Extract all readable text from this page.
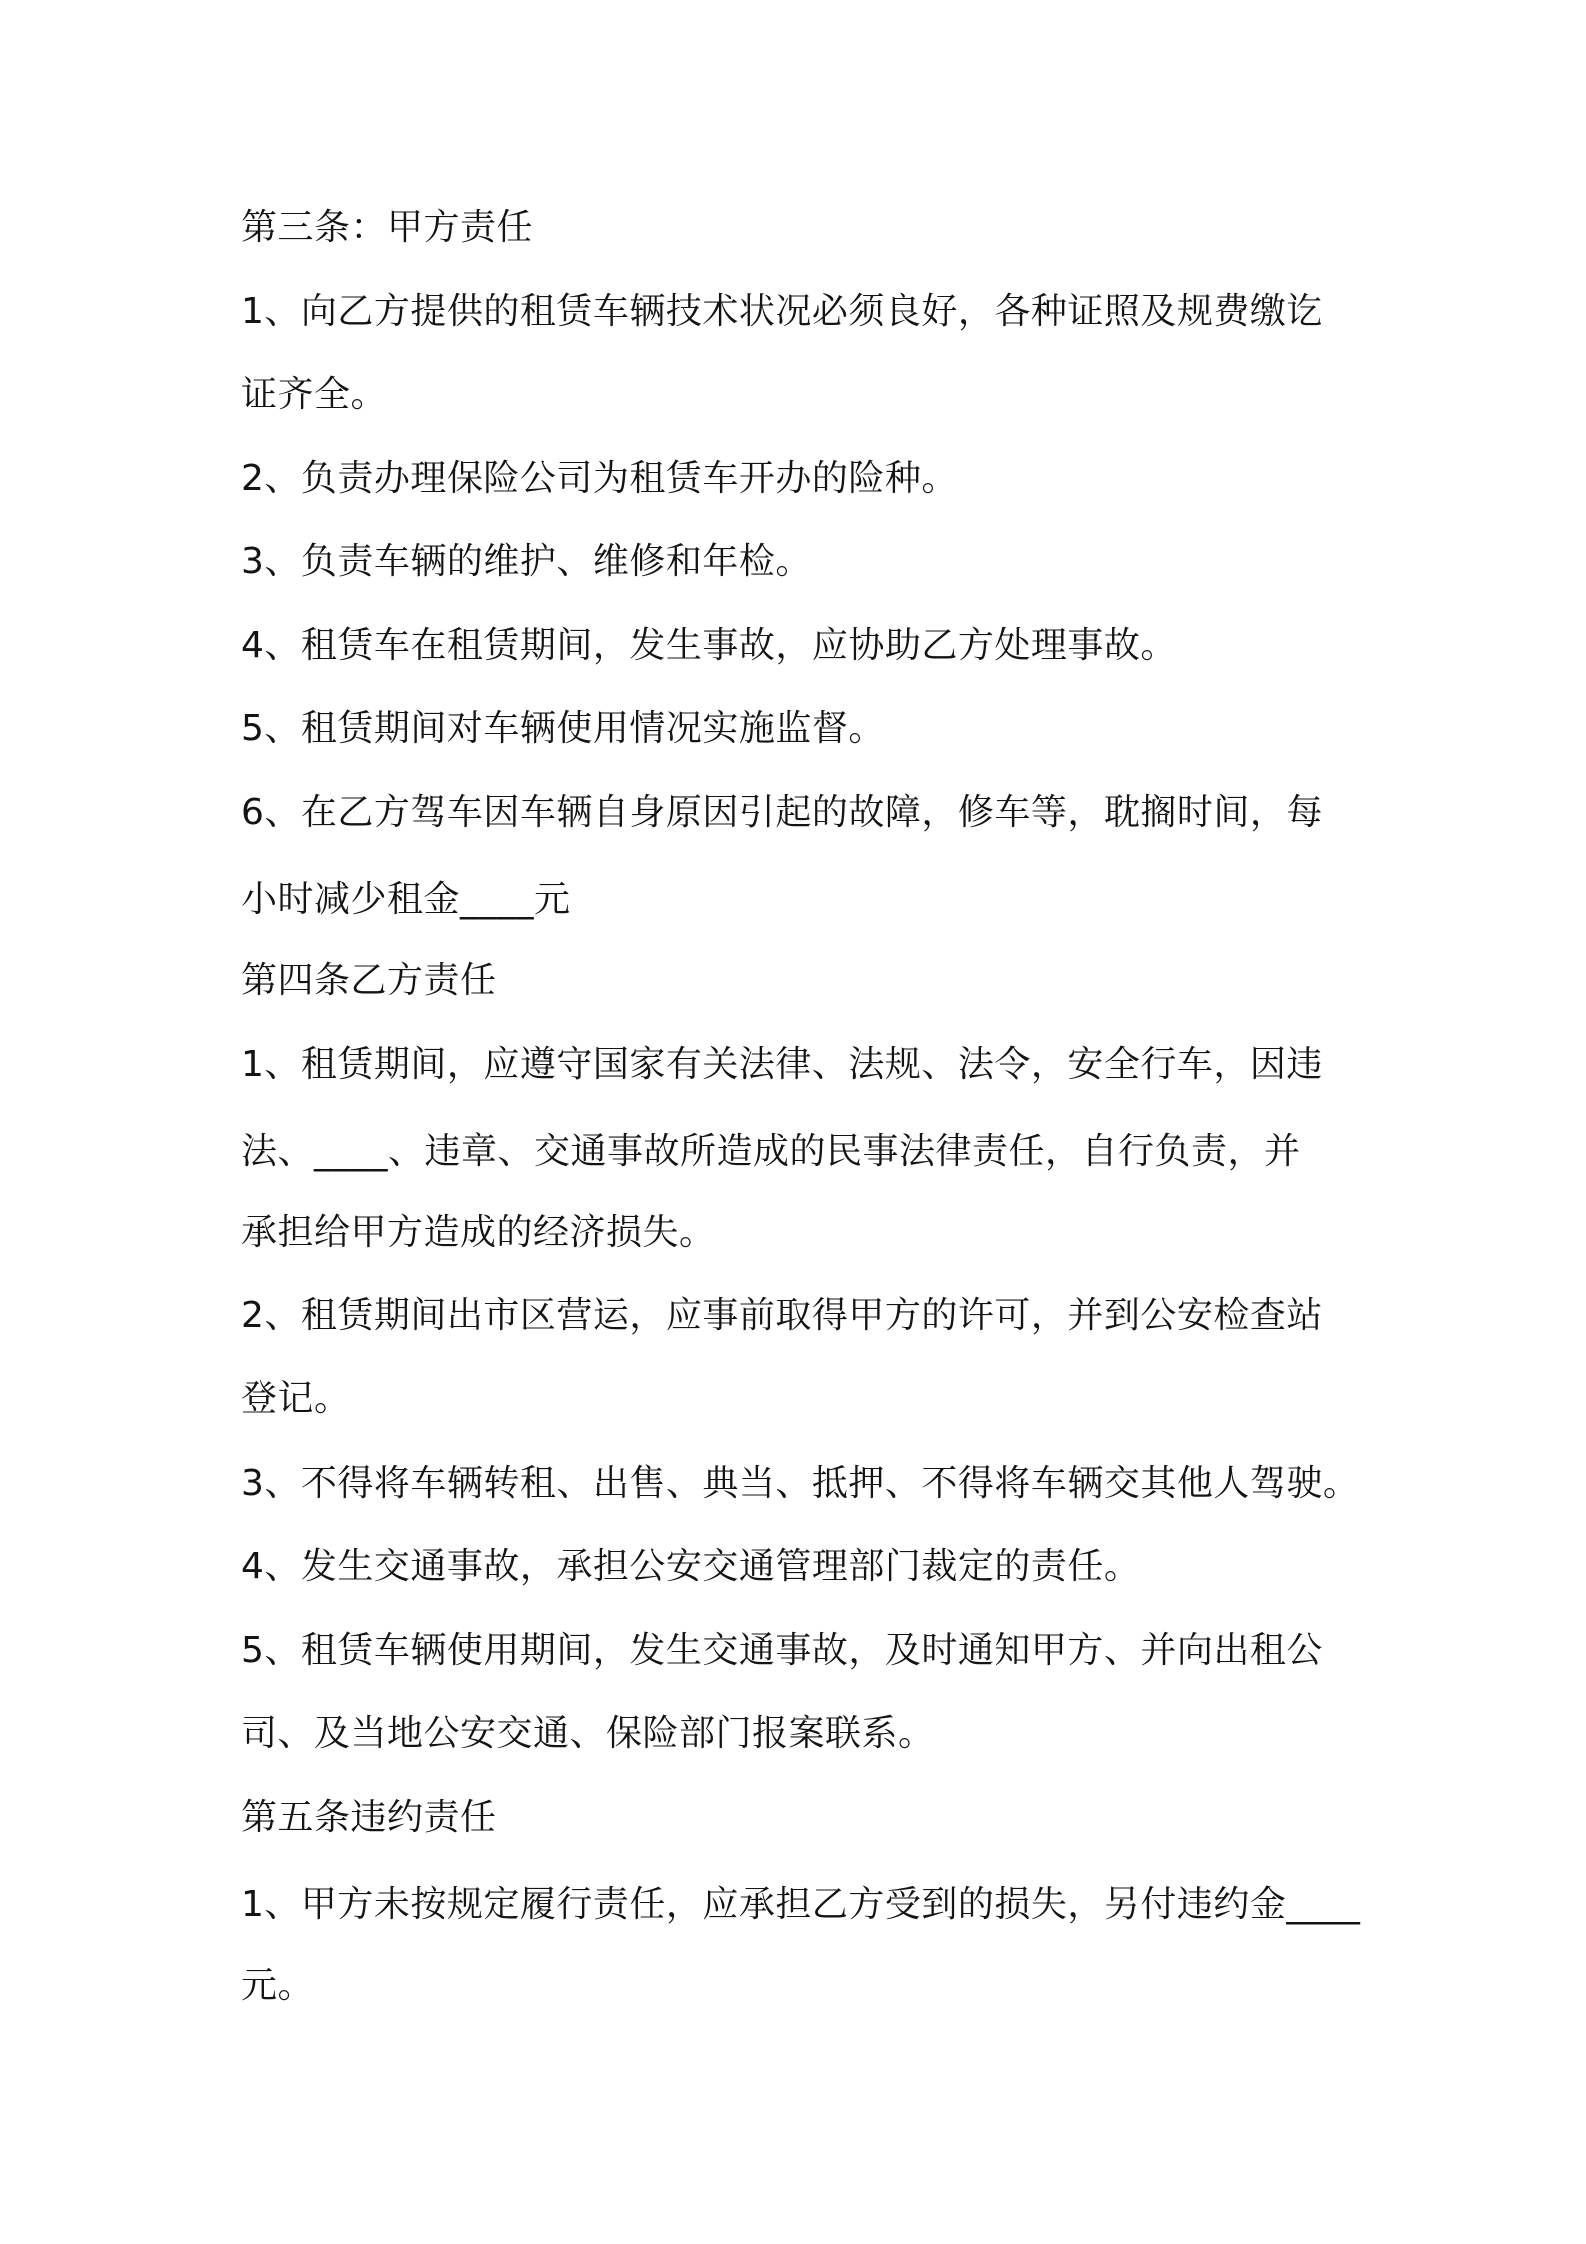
第三条：甲方责任
1、向乙方提供的租赁车辆技术状况必须良好，各种证照及规费缴讫
证齐全。
2、负责办理保险公司为租赁车开办的险种。
3、负责车辆的维护、维修和年检。
4、租赁车在租赁期间，发生事故，应协助乙方处理事故。
5、租赁期间对车辆使用情况实施监督。
6、在乙方驾车因车辆自身原因引起的故障，修车等，耽搁时间，每
小时减少租金____元
第四条乙方责任
1、租赁期间，应遵守国家有关法律、法规、法令，安全行车，因违
法、____、违章、交通事故所造成的民事法律责任，自行负责，并
承担给甲方造成的经济损失。
2、租赁期间出市区营运，应事前取得甲方的许可，并到公安检查站
登记。
3、不得将车辆转租、出售、典当、抵押、不得将车辆交其他人驾驶。
4、发生交通事故，承担公安交通管理部门裁定的责任。
5、租赁车辆使用期间，发生交通事故，及时通知甲方、并向出租公
司、及当地公安交通、保险部门报案联系。
第五条违约责任
1、甲方未按规定履行责任，应承担乙方受到的损失，另付违约金____
元。
